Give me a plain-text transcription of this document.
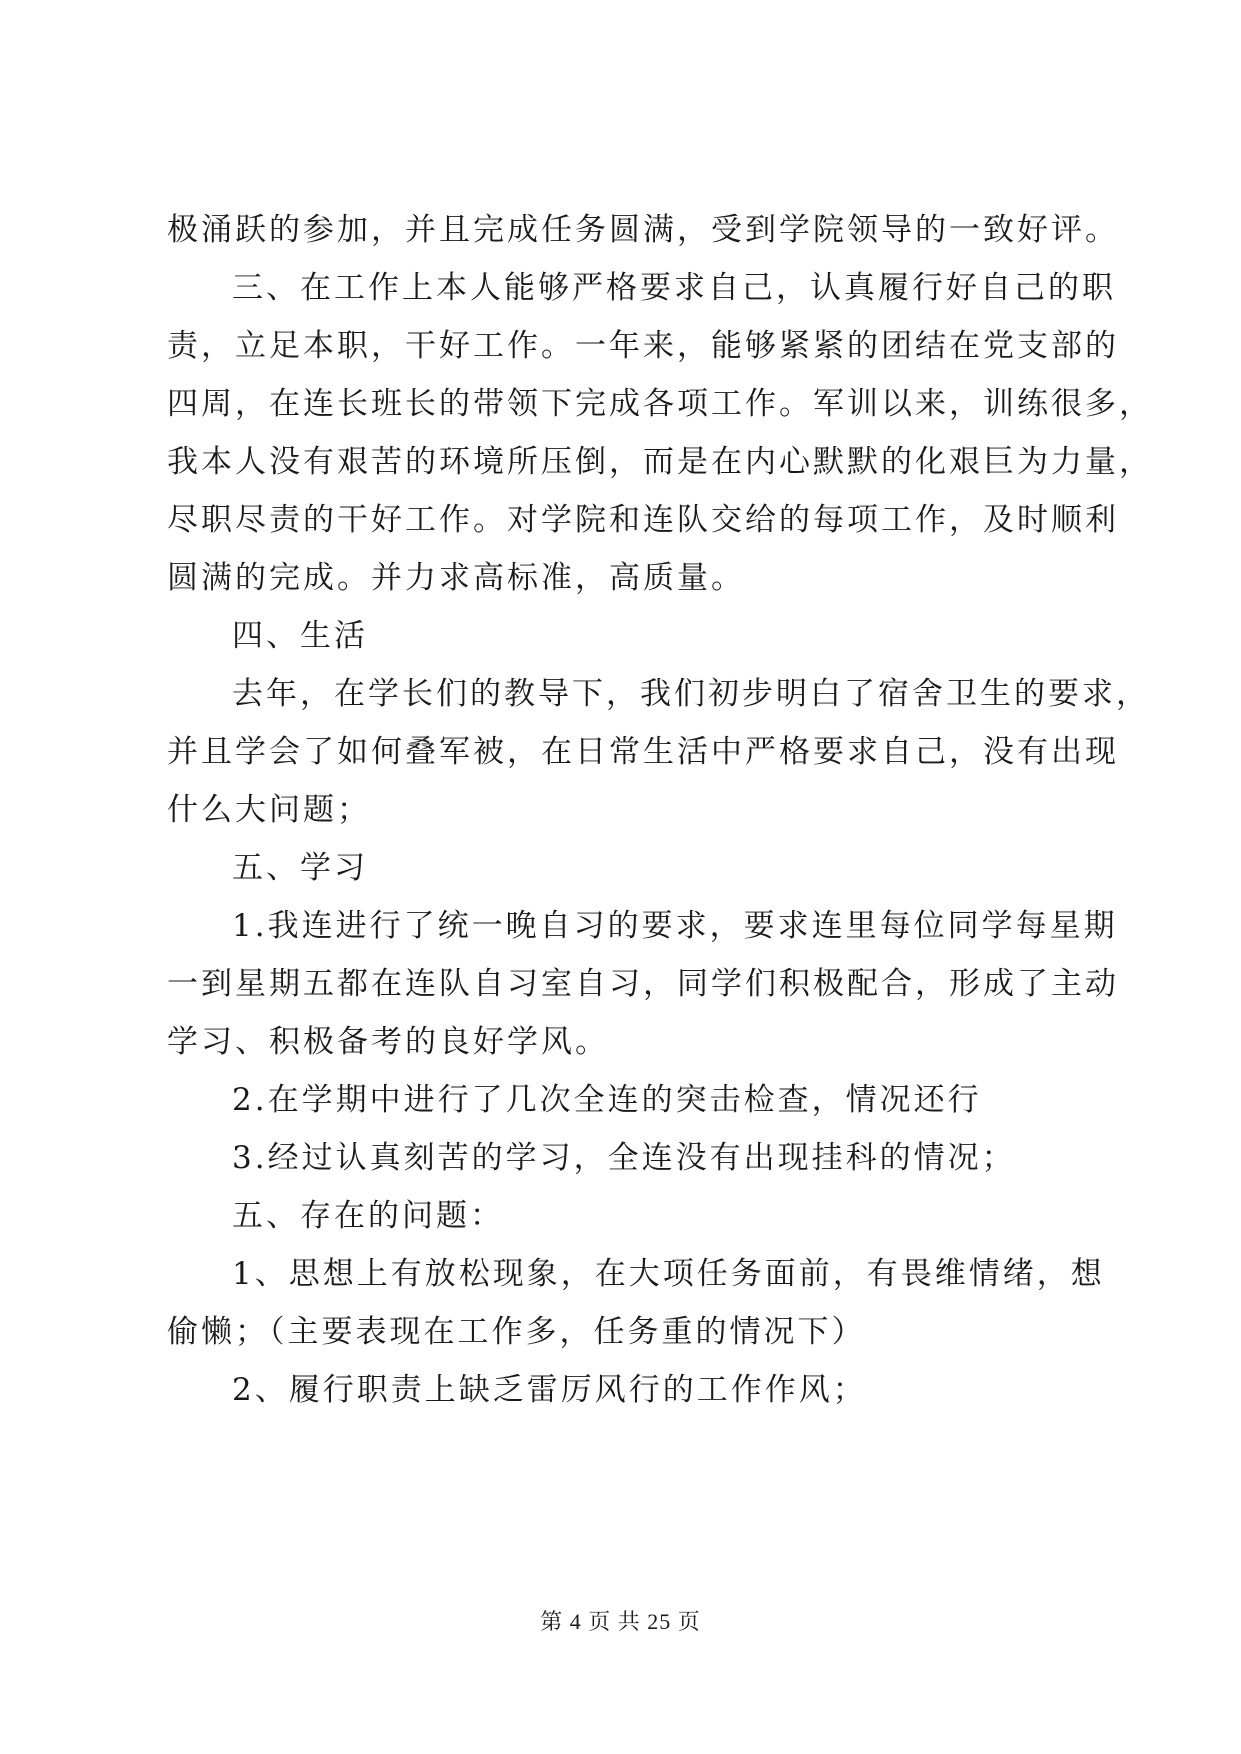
极涌跃的参加，并且完成任务圆满，受到学院领导的一致好评。
三、在工作上本人能够严格要求自己，认真履行好自己的职
责，立足本职，干好工作。一年来，能够紧紧的团结在党支部的
四周，在连长班长的带领下完成各项工作。军训以来，训练很多，
我本人没有艰苦的环境所压倒，而是在内心默默的化艰巨为力量，
尽职尽责的干好工作。对学院和连队交给的每项工作，及时顺利
圆满的完成。并力求高标准，高质量。
四、生活
去年，在学长们的教导下，我们初步明白了宿舍卫生的要求，
并且学会了如何叠军被，在日常生活中严格要求自己，没有出现
什么大问题；
五、学习
1.我连进行了统一晚自习的要求，要求连里每位同学每星期
一到星期五都在连队自习室自习，同学们积极配合，形成了主动
学习、积极备考的良好学风。
2.在学期中进行了几次全连的突击检查，情况还行
3.经过认真刻苦的学习，全连没有出现挂科的情况；
五、存在的问题：
1、思想上有放松现象，在大项任务面前，有畏维情绪，想
偷懒；（主要表现在工作多，任务重的情况下）
2、履行职责上缺乏雷厉风行的工作作风；
第 4 页 共 25 页
